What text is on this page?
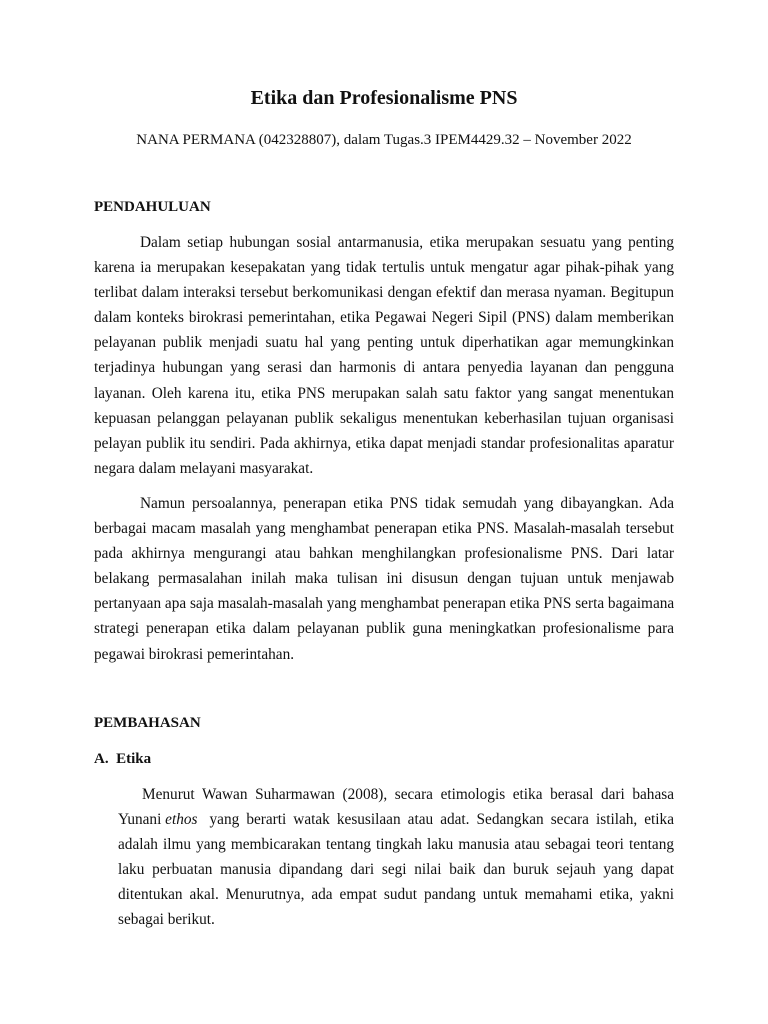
Etika dan Profesionalisme PNS
NANA PERMANA (042328807), dalam Tugas.3 IPEM4429.32 – November 2022
PENDAHULUAN
Dalam setiap hubungan sosial antarmanusia, etika merupakan sesuatu yang penting
karena ia merupakan kesepakatan yang tidak tertulis untuk mengatur agar pihak-pihak yang
terlibat dalam interaksi tersebut berkomunikasi dengan efektif dan merasa nyaman. Begitupun
dalam konteks birokrasi pemerintahan, etika Pegawai Negeri Sipil (PNS) dalam memberikan
pelayanan publik menjadi suatu hal yang penting untuk diperhatikan agar memungkinkan
terjadinya hubungan yang serasi dan harmonis di antara penyedia layanan dan pengguna
layanan. Oleh karena itu, etika PNS merupakan salah satu faktor yang sangat menentukan
kepuasan pelanggan pelayanan publik sekaligus menentukan keberhasilan tujuan organisasi
pelayan publik itu sendiri. Pada akhirnya, etika dapat menjadi standar profesionalitas aparatur
negara dalam melayani masyarakat.
Namun persoalannya, penerapan etika PNS tidak semudah yang dibayangkan. Ada
berbagai macam masalah yang menghambat penerapan etika PNS. Masalah-masalah tersebut
pada akhirnya mengurangi atau bahkan menghilangkan profesionalisme PNS. Dari latar
belakang permasalahan inilah maka tulisan ini disusun dengan tujuan untuk menjawab
pertanyaan apa saja masalah-masalah yang menghambat penerapan etika PNS serta bagaimana
strategi penerapan etika dalam pelayanan publik guna meningkatkan profesionalisme para
pegawai birokrasi pemerintahan.
PEMBAHASAN
A.  Etika
Menurut Wawan Suharmawan (2008), secara etimologis etika berasal dari bahasa
Yunani ethos yang berarti watak kesusilaan atau adat. Sedangkan secara istilah, etika
adalah ilmu yang membicarakan tentang tingkah laku manusia atau sebagai teori tentang
laku perbuatan manusia dipandang dari segi nilai baik dan buruk sejauh yang dapat
ditentukan akal. Menurutnya, ada empat sudut pandang untuk memahami etika, yakni
sebagai berikut.
